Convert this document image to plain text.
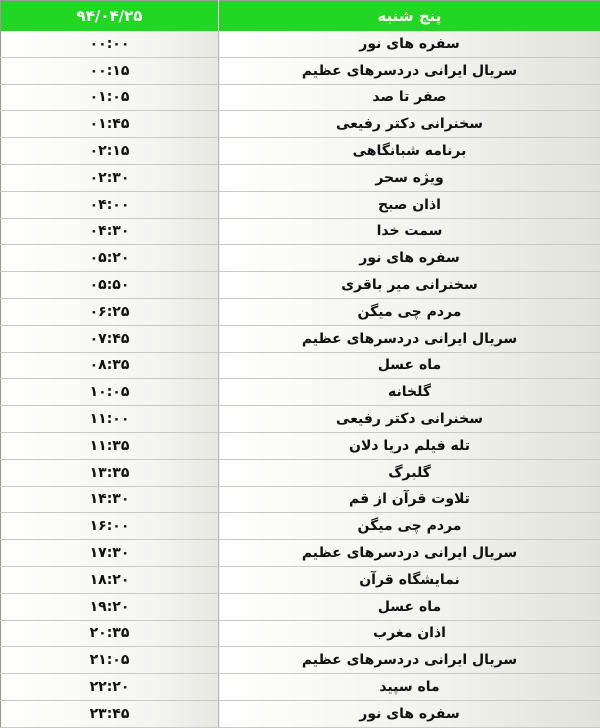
۹۴/۰۴/۲۵	پنج شنبه
۰۰:۰۰	سفره های نور
۰۰:۱۵	سریال ایرانی دردسرهای عظیم
۰۱:۰۵	صفر تا صد
۰۱:۴۵	سخنرانی دکتر رفیعی
۰۲:۱۵	برنامه شبانگاهی
۰۲:۳۰	ویژه سحر
۰۴:۰۰	اذان صبح
۰۴:۳۰	سمت خدا
۰۵:۲۰	سفره های نور
۰۵:۵۰	سخنرانی میر باقری
۰۶:۲۵	مردم چی میگن
۰۷:۴۵	سریال ایرانی دردسرهای عظیم
۰۸:۳۵	ماه عسل
۱۰:۰۵	گلخانه
۱۱:۰۰	سخنرانی دکتر رفیعی
۱۱:۳۵	تله فیلم دریا دلان
۱۳:۳۵	گلبرگ
۱۴:۳۰	تلاوت قرآن از قم
۱۶:۰۰	مردم چی میگن
۱۷:۳۰	سریال ایرانی دردسرهای عظیم
۱۸:۲۰	نمایشگاه قرآن
۱۹:۲۰	ماه عسل
۲۰:۳۵	اذان مغرب
۲۱:۰۵	سریال ایرانی دردسرهای عظیم
۲۲:۲۰	ماه سپید
۲۳:۴۵	سفره های نور
